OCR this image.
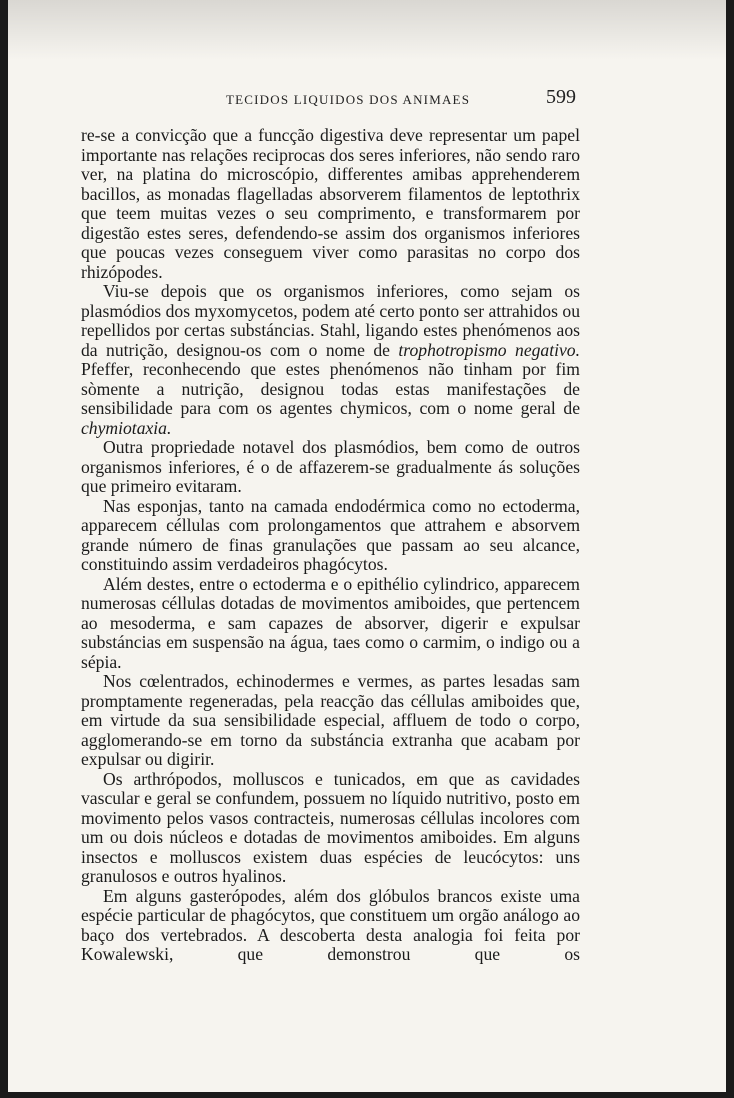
TECIDOS LIQUIDOS DOS ANIMAES	599

re-se a convicção que a funcção digestiva deve representar um papel importante nas relações reciprocas dos seres inferiores, não sendo raro ver, na platina do microscópio, differentes amibas apprehenderem bacillos, as monadas flagelladas absorverem filamentos de leptothrix que teem muitas vezes o seu comprimento, e transformarem por digestão estes seres, defendendo-se assim dos organismos inferiores que poucas vezes conseguem viver como parasitas no corpo dos rhizópodes.

Viu-se depois que os organismos inferiores, como sejam os plasmódios dos myxomycetos, podem até certo ponto ser attrahidos ou repellidos por certas substáncias. Stahl, ligando estes phenómenos aos da nutrição, designou-os com o nome de trophotropismo negativo. Pfeffer, reconhecendo que estes phenómenos não tinham por fim sòmente a nutrição, designou todas estas manifestações de sensibilidade para com os agentes chymicos, com o nome geral de chymiotaxia.

Outra propriedade notavel dos plasmódios, bem como de outros organismos inferiores, é o de affazerem-se gradualmente ás soluções que primeiro evitaram.

Nas esponjas, tanto na camada endodérmica como no ectoderma, apparecem céllulas com prolongamentos que attrahem e absorvem grande número de finas granulações que passam ao seu alcance, constituindo assim verdadeiros phagócytos.

Além destes, entre o ectoderma e o epithélio cylindrico, apparecem numerosas céllulas dotadas de movimentos amiboides, que pertencem ao mesoderma, e sam capazes de absorver, digerir e expulsar substáncias em suspensão na água, taes como o carmim, o indigo ou a sépia.

Nos cœlentrados, echinodermes e vermes, as partes lesadas sam promptamente regeneradas, pela reacção das céllulas amiboides que, em virtude da sua sensibilidade especial, affluem de todo o corpo, agglomerando-se em torno da substáncia extranha que acabam por expulsar ou digirir.

Os arthrópodos, molluscos e tunicados, em que as cavidades vascular e geral se confundem, possuem no líquido nutritivo, posto em movimento pelos vasos contracteis, numerosas céllulas incolores com um ou dois núcleos e dotadas de movimentos amiboides. Em alguns insectos e molluscos existem duas espécies de leucócytos: uns granulosos e outros hyalinos.

Em alguns gasterópodes, além dos glóbulos brancos existe uma espécie particular de phagócytos, que constituem um orgão análogo ao baço dos vertebrados. A descoberta desta analogia foi feita por Kowalewski, que demonstrou que os
